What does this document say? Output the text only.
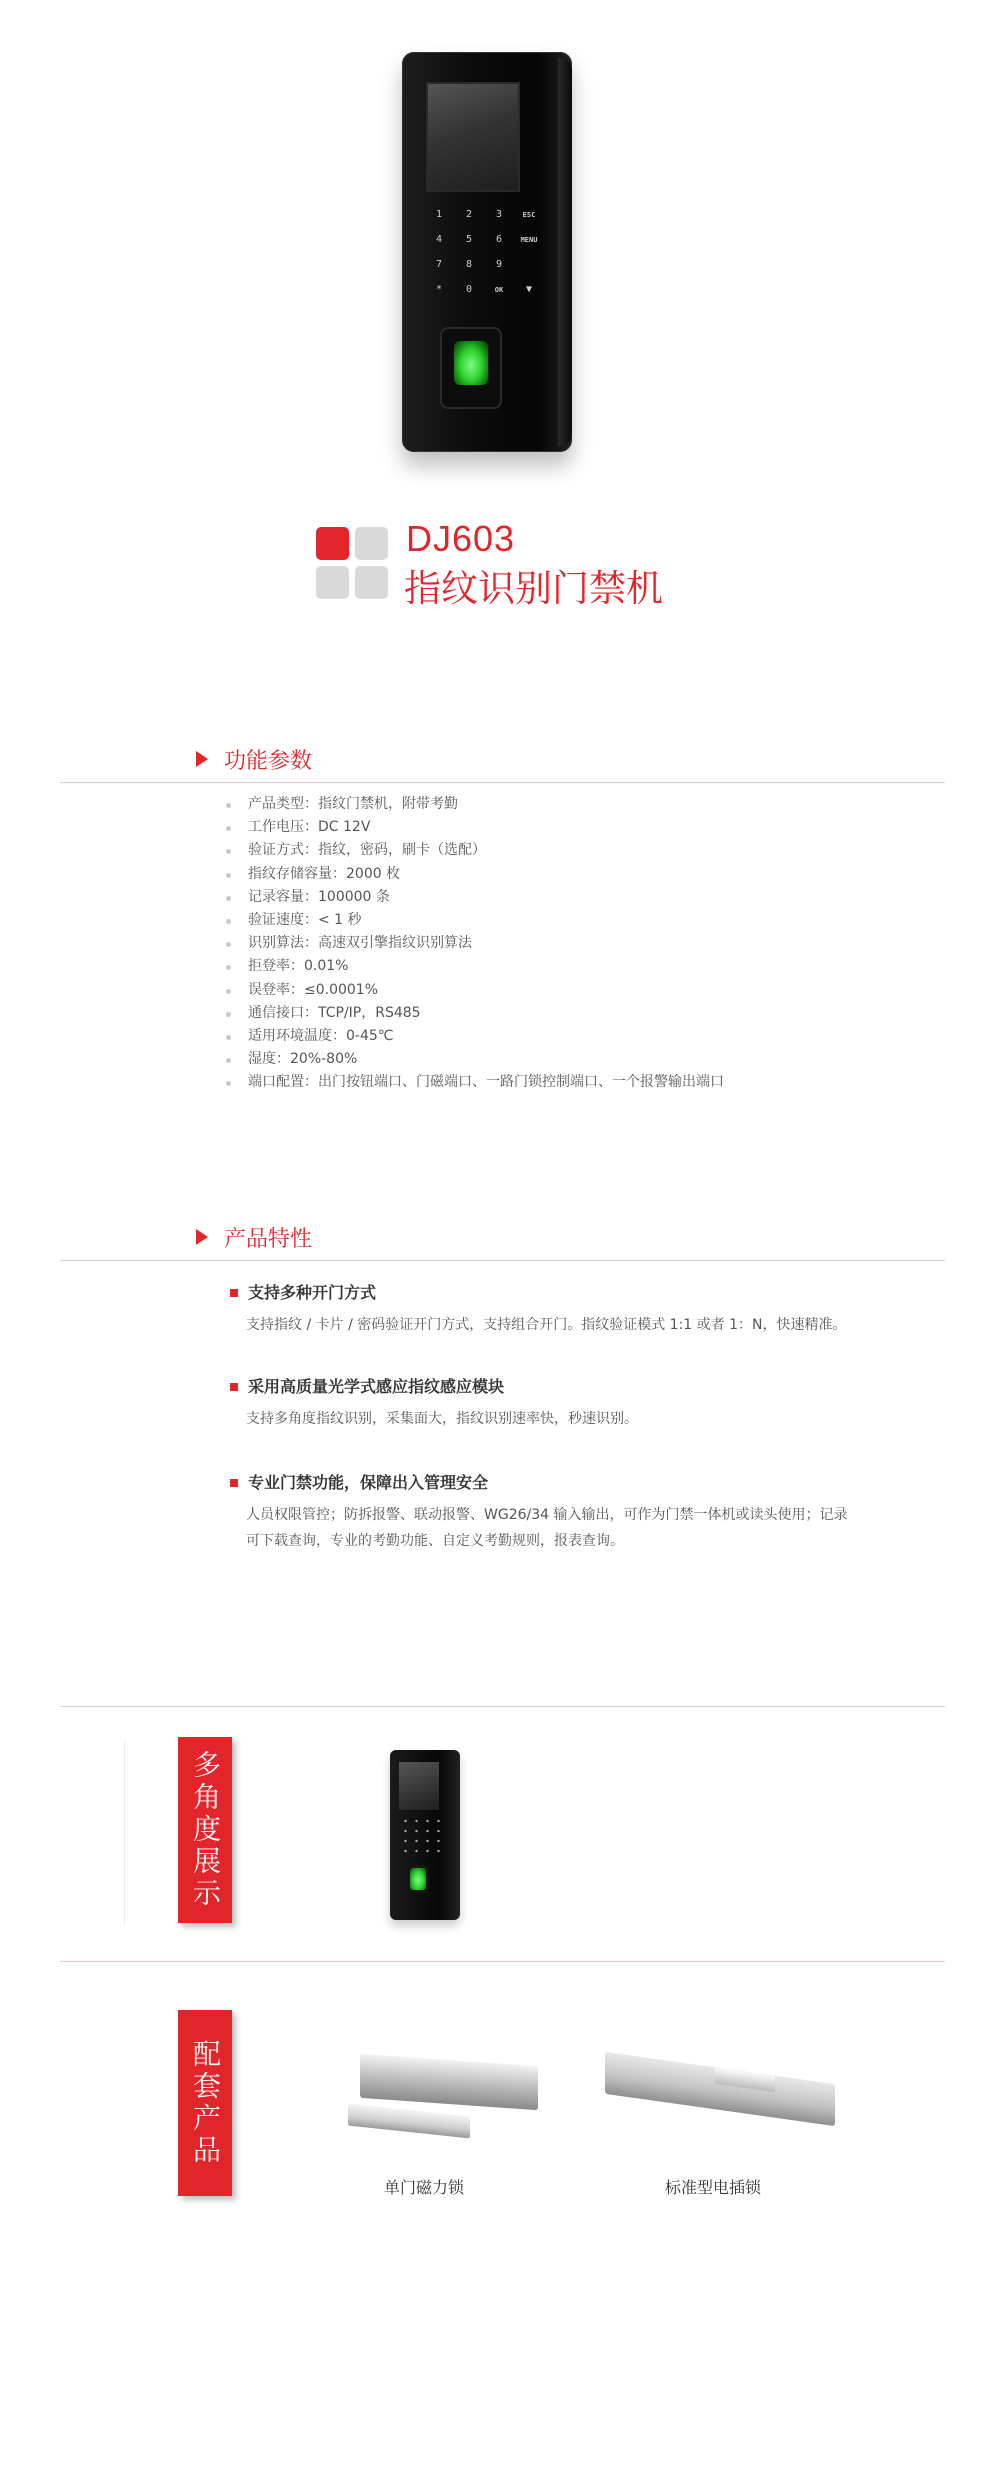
1 2 3	ESC
4 5 6	MENU
7 8 9
* 0	OK ▼
DJ603
指纹识别门禁机
功能参数
产品类型：指纹门禁机，附带考勤
工作电压：DC 12V
验证方式：指纹，密码，刷卡（选配）
指纹存储容量：2000 枚
记录容量：100000 条
验证速度：< 1 秒
识别算法：高速双引擎指纹识别算法
拒登率：0.01%
误登率：≤0.0001%
通信接口：TCP/IP，RS485
适用环境温度：0-45℃
湿度：20%-80%
端口配置：出门按钮端口、门磁端口、一路门锁控制端口、一个报警输出端口
产品特性
支持多种开门方式
支持指纹 / 卡片 / 密码验证开门方式，支持组合开门。指纹验证模式 1:1 或者 1：N，快速精准。
采用高质量光学式感应指纹感应模块
支持多角度指纹识别，采集面大，指纹识别速率快，秒速识别。
专业门禁功能，保障出入管理安全
人员权限管控；防拆报警、联动报警、WG26/34 输入输出，可作为门禁一体机或读头使用；记录
可下载查询，专业的考勤功能、自定义考勤规则，报表查询。
多角度展示
配套产品
单门磁力锁	标准型电插锁
